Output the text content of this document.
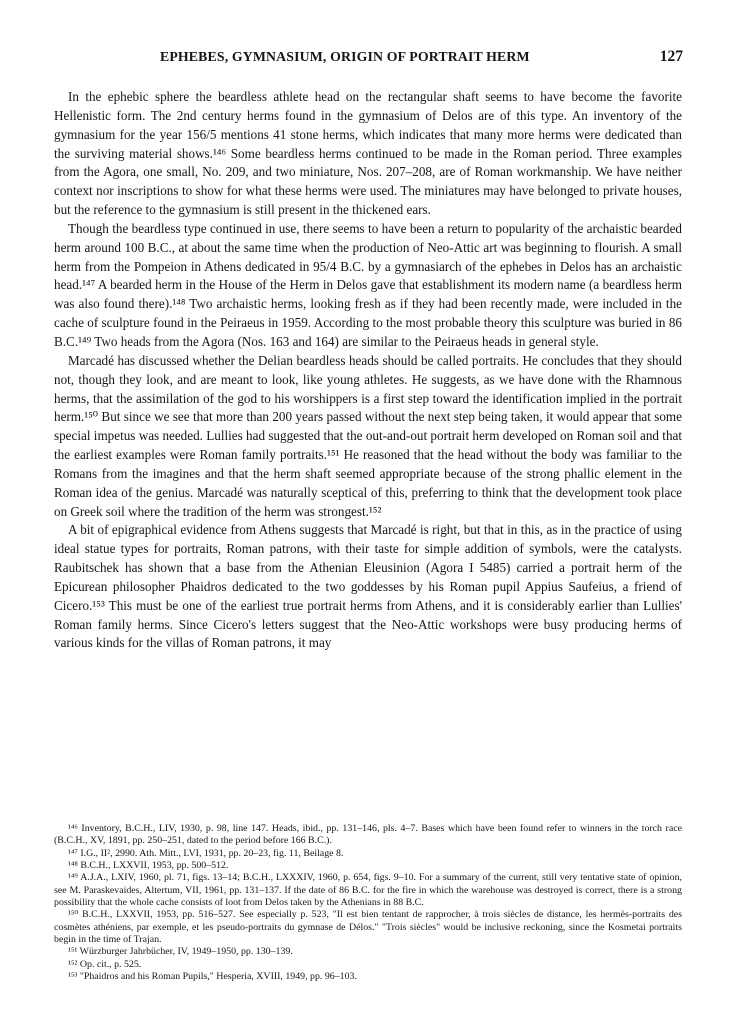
EPHEBES, GYMNASIUM, ORIGIN OF PORTRAIT HERM	127

In the ephebic sphere the beardless athlete head on the rectangular shaft seems to have become the favorite Hellenistic form. The 2nd century herms found in the gymnasium of Delos are of this type. An inventory of the gymnasium for the year 156/5 mentions 41 stone herms, which indicates that many more herms were dedicated than the surviving material shows.¹⁴⁶ Some beardless herms continued to be made in the Roman period. Three examples from the Agora, one small, No. 209, and two miniature, Nos. 207–208, are of Roman workmanship. We have neither context nor inscriptions to show for what these herms were used. The miniatures may have belonged to private houses, but the reference to the gymnasium is still present in the thickened ears.

Though the beardless type continued in use, there seems to have been a return to popularity of the archaistic bearded herm around 100 B.C., at about the same time when the production of Neo-Attic art was beginning to flourish. A small herm from the Pompeion in Athens dedicated in 95/4 B.C. by a gymnasiarch of the ephebes in Delos has an archaistic head.¹⁴⁷ A bearded herm in the House of the Herm in Delos gave that establishment its modern name (a beardless herm was also found there).¹⁴⁸ Two archaistic herms, looking fresh as if they had been recently made, were included in the cache of sculpture found in the Peiraeus in 1959. According to the most probable theory this sculpture was buried in 86 B.C.¹⁴⁹ Two heads from the Agora (Nos. 163 and 164) are similar to the Peiraeus heads in general style.

Marcadé has discussed whether the Delian beardless heads should be called portraits. He concludes that they should not, though they look, and are meant to look, like young athletes. He suggests, as we have done with the Rhamnous herms, that the assimilation of the god to his worshippers is a first step toward the identification implied in the portrait herm.¹⁵⁰ But since we see that more than 200 years passed without the next step being taken, it would appear that some special impetus was needed. Lullies had suggested that the out-and-out portrait herm developed on Roman soil and that the earliest examples were Roman family portraits.¹⁵¹ He reasoned that the head without the body was familiar to the Romans from the imagines and that the herm shaft seemed appropriate because of the strong phallic element in the Roman idea of the genius. Marcadé was naturally sceptical of this, preferring to think that the development took place on Greek soil where the tradition of the herm was strongest.¹⁵²

A bit of epigraphical evidence from Athens suggests that Marcadé is right, but that in this, as in the practice of using ideal statue types for portraits, Roman patrons, with their taste for simple addition of symbols, were the catalysts. Raubitschek has shown that a base from the Athenian Eleusinion (Agora I 5485) carried a portrait herm of the Epicurean philosopher Phaidros dedicated to the two goddesses by his Roman pupil Appius Saufeius, a friend of Cicero.¹⁵³ This must be one of the earliest true portrait herms from Athens, and it is considerably earlier than Lullies' Roman family herms. Since Cicero's letters suggest that the Neo-Attic workshops were busy producing herms of various kinds for the villas of Roman patrons, it may

¹⁴⁶ Inventory, B.C.H., LIV, 1930, p. 98, line 147. Heads, ibid., pp. 131–146, pls. 4–7. Bases which have been found refer to winners in the torch race (B.C.H., XV, 1891, pp. 250–251, dated to the period before 166 B.C.).

¹⁴⁷ I.G., II², 2990. Ath. Mitt., LVI, 1931, pp. 20–23, fig. 11, Beilage 8.

¹⁴⁸ B.C.H., LXXVII, 1953, pp. 500–512.

¹⁴⁹ A.J.A., LXIV, 1960, pl. 71, figs. 13–14; B.C.H., LXXXIV, 1960, p. 654, figs. 9–10. For a summary of the current, still very tentative state of opinion, see M. Paraskevaides, Altertum, VII, 1961, pp. 131–137. If the date of 86 B.C. for the fire in which the warehouse was destroyed is correct, there is a strong possibility that the whole cache consists of loot from Delos taken by the Athenians in 88 B.C.

¹⁵⁰ B.C.H., LXXVII, 1953, pp. 516–527. See especially p. 523, "Il est bien tentant de rapprocher, à trois siècles de distance, les hermès-portraits des cosmètes athéniens, par exemple, et les pseudo-portraits du gymnase de Délos." "Trois siècles" would be inclusive reckoning, since the Kosmetai portraits begin in the time of Trajan.

¹⁵¹ Würzburger Jahrbücher, IV, 1949–1950, pp. 130–139.

¹⁵² Op. cit., p. 525.

¹⁵³ "Phaidros and his Roman Pupils," Hesperia, XVIII, 1949, pp. 96–103.
